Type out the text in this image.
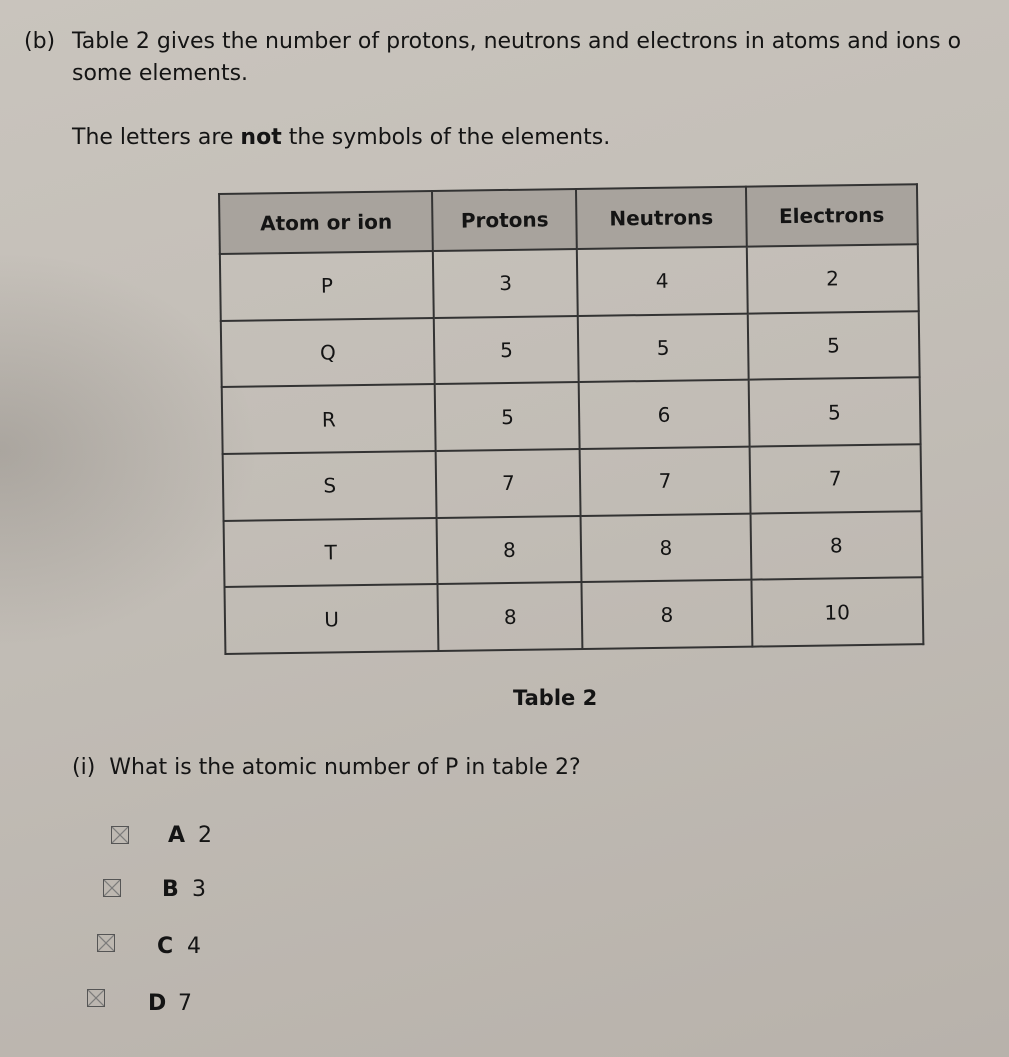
(b) Table 2 gives the number of protons, neutrons and electrons in atoms and ions o
some elements.
The letters are not the symbols of the elements.
Atom or ion	Protons	Neutrons	Electrons
P	3	4	2
Q	5	5	5
R	5	6	5
S	7	7	7
T	8	8	8
U	8	8	10
Table 2
(i) What is the atomic number of P in table 2?
A 2
B 3
C 4
D 7
